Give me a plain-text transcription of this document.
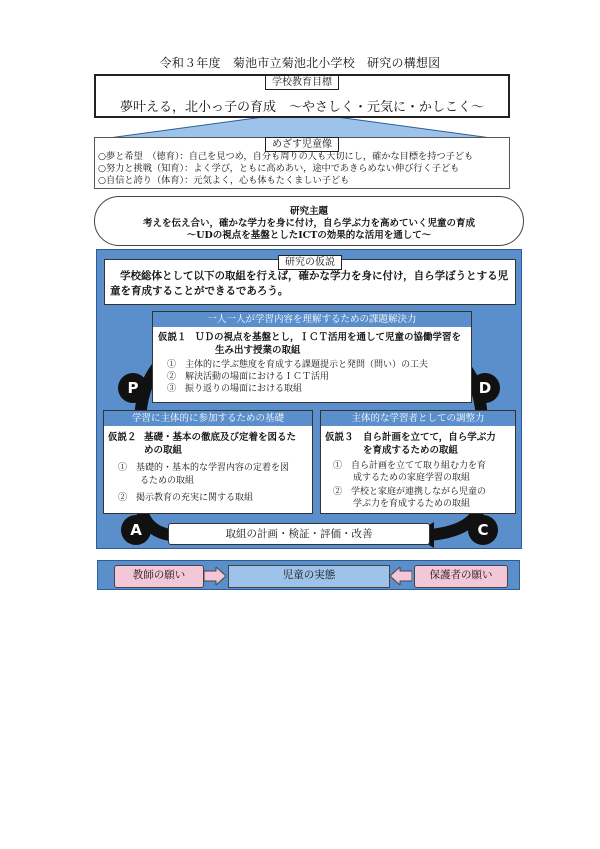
令和３年度　菊池市立菊池北小学校　研究の構想図
学校教育目標
夢叶える，北小っ子の育成　～やさしく・元気に・かしこく～
めざす児童像
○夢と希望　（徳育）：自己を見つめ，自分も周りの人も大切にし，確かな目標を持つ子ども
○努力と挑戦（知育）：よく学び，ともに高めあい，途中であきらめない伸び行く子ども
○自信と誇り（体育）：元気よく，心も体もたくましい子ども
研究主題
考えを伝え合い，確かな学力を身に付け，自ら学ぶ力を高めていく児童の育成
～UDの視点を基盤としたICTの効果的な活用を通して～
研究の仮説
学校総体として以下の取組を行えば，確かな学力を身に付け，自ら学ぼうとする児童を育成することができるであろう。
P	D
A	C
一人一人が学習内容を理解するための課題解決力
仮説１ ＵＤの視点を基盤とし，ＩＣＴ活用を通して児童の協働学習を
生み出す授業の取組
①　主体的に学ぶ態度を育成する課題提示と発問（問い）の工夫
②　解決活動の場面におけるＩＣＴ活用
③　振り返りの場面における取組
学習に主体的に参加するための基礎
仮説２ 基礎・基本の徹底及び定着を図るた
めの取組
①　基礎的・基本的な学習内容の定着を図
るための取組
②　掲示教育の充実に関する取組
主体的な学習者としての調整力
仮説３ 自ら計画を立てて，自ら学ぶ力
を育成するための取組
①　自ら計画を立てて取り組む力を育
成するための家庭学習の取組
②　学校と家庭が連携しながら児童の
学ぶ力を育成するための取組
取組の計画・検証・評価・改善
教師の願い	児童の実態	保護者の願い
